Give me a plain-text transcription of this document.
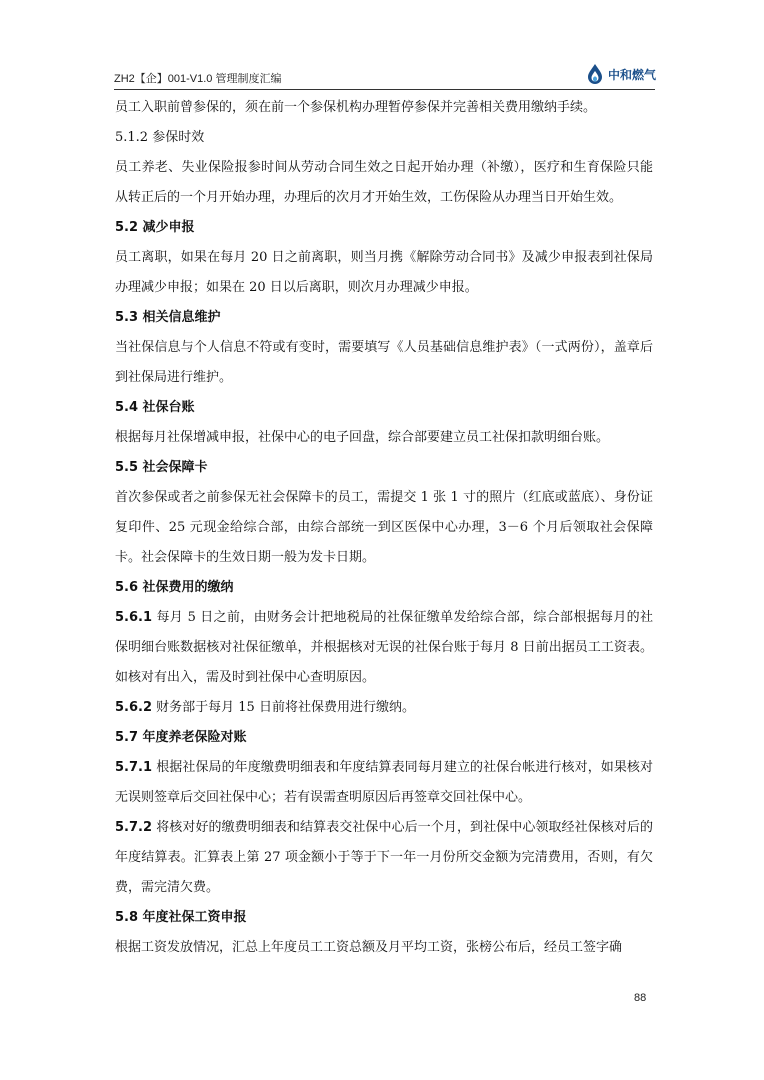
ZH2【企】001-V1.0 管理制度汇编	中和燃气

员工入职前曾参保的，须在前一个参保机构办理暂停参保并完善相关费用缴纳手续。

5.1.2 参保时效

员工养老、失业保险报参时间从劳动合同生效之日起开始办理（补缴），医疗和生育保险只能从转正后的一个月开始办理，办理后的次月才开始生效，工伤保险从办理当日开始生效。

5.2 减少申报

员工离职，如果在每月 20 日之前离职，则当月携《解除劳动合同书》及减少申报表到社保局办理减少申报；如果在 20 日以后离职，则次月办理减少申报。

5.3 相关信息维护

当社保信息与个人信息不符或有变时，需要填写《人员基础信息维护表》（一式两份），盖章后到社保局进行维护。

5.4 社保台账

根据每月社保增减申报，社保中心的电子回盘，综合部要建立员工社保扣款明细台账。

5.5 社会保障卡

首次参保或者之前参保无社会保障卡的员工，需提交 1 张 1 寸的照片（红底或蓝底）、身份证复印件、25 元现金给综合部，由综合部统一到区医保中心办理，3－6 个月后领取社会保障卡。社会保障卡的生效日期一般为发卡日期。

5.6 社保费用的缴纳

5.6.1 每月 5 日之前，由财务会计把地税局的社保征缴单发给综合部，综合部根据每月的社保明细台账数据核对社保征缴单，并根据核对无误的社保台账于每月 8 日前出据员工工资表。如核对有出入，需及时到社保中心查明原因。

5.6.2 财务部于每月 15 日前将社保费用进行缴纳。

5.7 年度养老保险对账

5.7.1 根据社保局的年度缴费明细表和年度结算表同每月建立的社保台帐进行核对，如果核对无误则签章后交回社保中心；若有误需查明原因后再签章交回社保中心。

5.7.2 将核对好的缴费明细表和结算表交社保中心后一个月，到社保中心领取经社保核对后的年度结算表。汇算表上第 27 项金额小于等于下一年一月份所交金额为完清费用，否则，有欠费，需完清欠费。

5.8 年度社保工资申报

根据工资发放情况，汇总上年度员工工资总额及月平均工资，张榜公布后，经员工签字确

88
